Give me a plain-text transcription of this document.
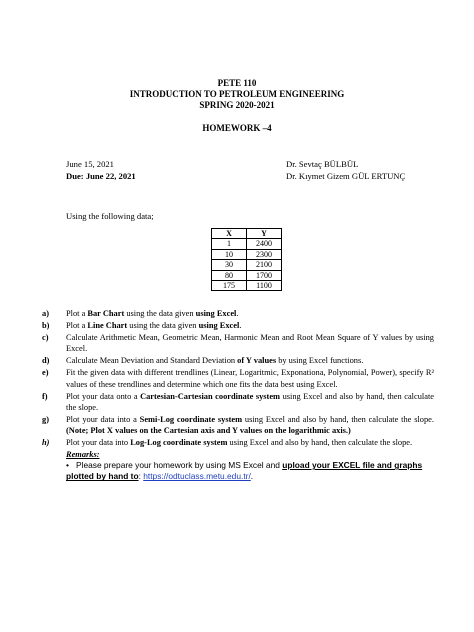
PETE 110
INTRODUCTION TO PETROLEUM ENGINEERING
SPRING 2020-2021
HOMEWORK –4
June 15, 2021
Due: June 22, 2021
Dr. Sevtaç BÜLBÜL
Dr. Kıymet Gizem GÜL ERTUNÇ
Using the following data;
X	Y
1	2400
10	2300
30	2100
80	1700
175	1100
a) Plot a Bar Chart using the data given using Excel.
b) Plot a Line Chart using the data given using Excel.
c) Calculate Arithmetic Mean, Geometric Mean, Harmonic Mean and Root Mean Square of Y values by using Excel.
d) Calculate Mean Deviation and Standard Deviation of Y values by using Excel functions.
e) Fit the given data with different trendlines (Linear, Logaritmic, Exponationa, Polynomial, Power), specify R² values of these trendlines and determine which one fits the data best using Excel.
f) Plot your data onto a Cartesian-Cartesian coordinate system using Excel and also by hand, then calculate the slope.
g) Plot your data into a Semi-Log coordinate system using Excel and also by hand, then calculate the slope. (Note; Plot X values on the Cartesian axis and Y values on the logarithmic axis.)
h) Plot your data into Log-Log coordinate system using Excel and also by hand, then calculate the slope.
Remarks:
• Please prepare your homework by using MS Excel and upload your EXCEL file and graphs plotted by hand to: https://odtuclass.metu.edu.tr/.
